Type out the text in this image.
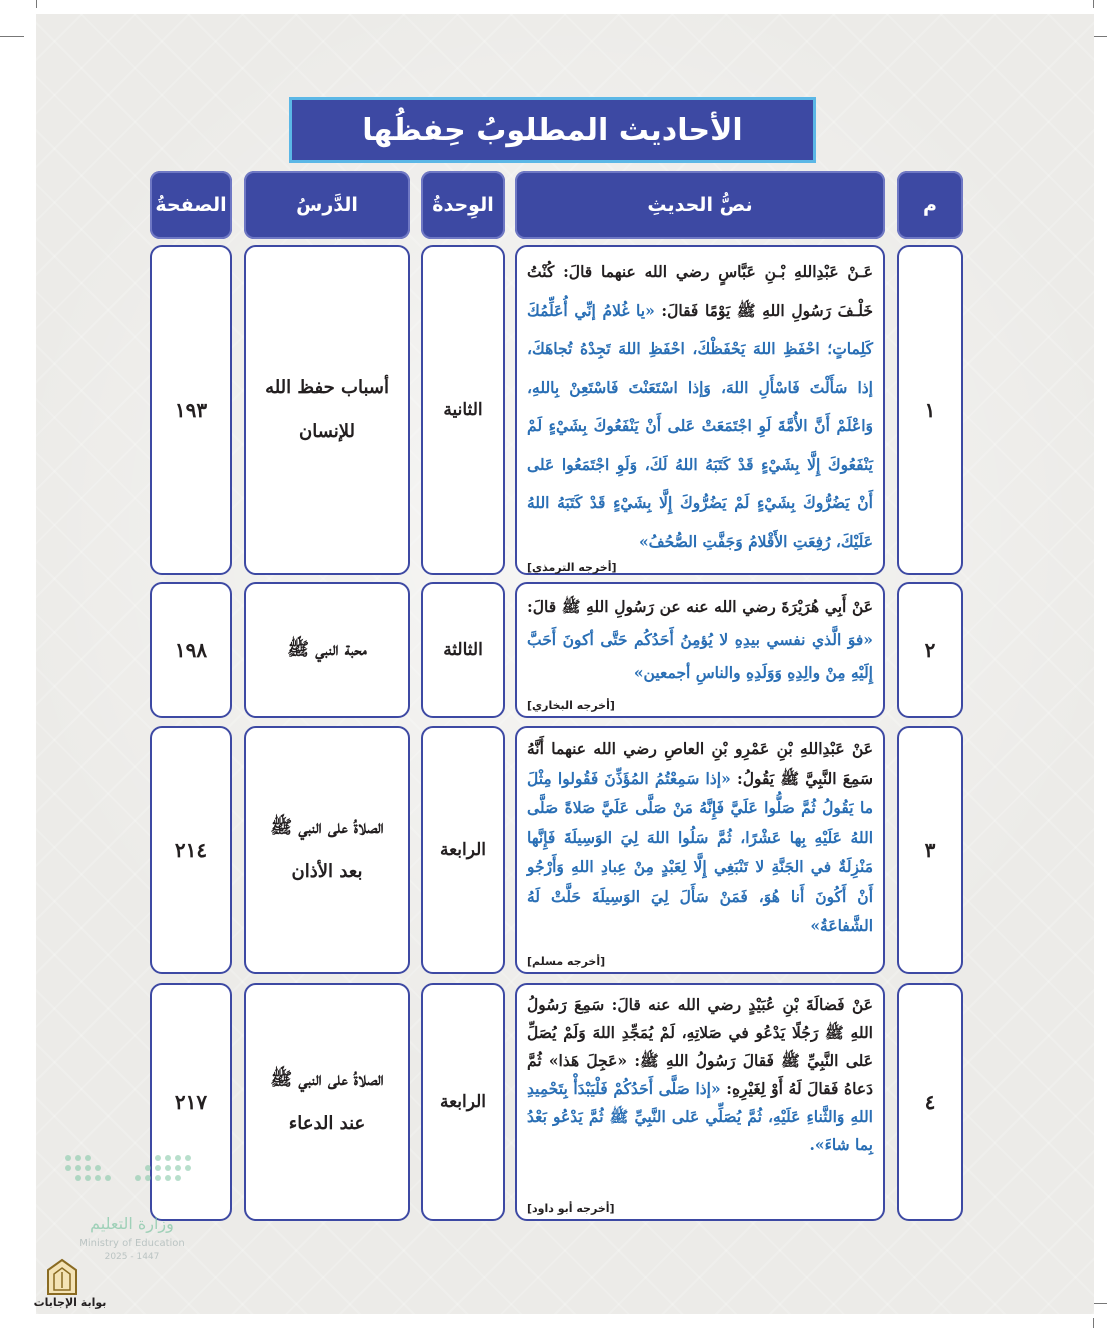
الأحاديث المطلوبُ حِفظُها
م
نصُّ الحديثِ
الوِحدةُ
الدَّرسُ
الصفحةُ
١
عَـنْ عَبْدِاللهِ بْـنِ عَبَّاسٍ رضي الله عنهما قالَ: كُنْتُ خَلْـفَ رَسُولِ اللهِ ﷺ يَوْمًا فَقالَ: «يا غُلامُ إنِّي أُعَلِّمُكَ كَلِماتٍ؛ احْفَظِ اللهَ يَحْفَظْكَ، احْفَظِ اللهَ تَجِدْهُ تُجاهَكَ، إذا سَأَلْتَ فَاسْأَلِ اللهَ، وَإذا اسْتَعَنْتَ فَاسْتَعِنْ بِاللهِ، وَاعْلَمْ أَنَّ الأُمَّةَ لَوِ اجْتَمَعَتْ عَلى أَنْ يَنْفَعُوكَ بِشَيْءٍ لَمْ يَنْفَعُوكَ إِلَّا بِشَيْءٍ قَدْ كَتَبَهُ اللهُ لَكَ، وَلَوِ اجْتَمَعُوا عَلى أَنْ يَضُرُّوكَ بِشَيْءٍ لَمْ يَضُرُّوكَ إِلَّا بِشَيْءٍ قَدْ كَتَبَهُ اللهُ عَلَيْكَ، رُفِعَتِ الأَقْلامُ وَجَفَّتِ الصُّحُفُ»
[أخرجه الترمذي]
الثانية
أسباب حفظ الله
للإنسان
١٩٣
٢
عَنْ أَبِي هُرَيْرَةَ رضي الله عنه عن رَسُولِ اللهِ ﷺ قالَ: «فوَ الَّذي نفسي بيدِهِ لا يُؤمِنُ أَحَدُكُم حَتَّى أكونَ أَحَبَّ إِلَيْهِ مِنْ والِدِهِ وَوَلَدِهِ والناسِ أجمعين»
[أخرجه البخاري]
الثالثة
محبة النبي ﷺ
١٩٨
٣
عَنْ عَبْدِاللهِ بْنِ عَمْرِو بْنِ العاصِ رضي الله عنهما أَنَّهُ سَمِعَ النَّبِيَّ ﷺ يَقُولُ: «إذا سَمِعْتُمُ المُؤَذِّنَ فَقُولوا مِثْلَ ما يَقُولُ ثُمَّ صَلُّوا عَلَيَّ فَإِنَّهُ مَنْ صَلَّى عَلَيَّ صَلاةً صَلَّى اللهُ عَلَيْهِ بِها عَشْرًا، ثُمَّ سَلُوا اللهَ لِيَ الوَسِيلَةَ فَإِنَّها مَنْزِلَةٌ في الجَنَّةِ لا تَنْبَغِي إِلَّا لِعَبْدٍ مِنْ عِبادِ اللهِ وَأَرْجُو أَنْ أَكُونَ أَنا هُوَ، فَمَنْ سَأَلَ لِيَ الوَسِيلَةَ حَلَّتْ لَهُ الشَّفاعَةُ»
[أخرجه مسلم]
الرابعة
الصلاةُ على النبي ﷺ
بعد الأذان
٢١٤
٤
عَنْ فَضالَةَ بْنِ عُبَيْدٍ رضي الله عنه قالَ: سَمِعَ رَسُولُ اللهِ ﷺ رَجُلًا يَدْعُو في صَلاتِهِ، لَمْ يُمَجِّدِ اللهَ وَلَمْ يُصَلِّ عَلى النَّبِيِّ ﷺ فَقالَ رَسُولُ اللهِ ﷺ: «عَجِلَ هَذا» ثُمَّ دَعاهُ فَقالَ لَهُ أَوْ لِغَيْرِهِ: «إذا صَلَّى أَحَدُكُمْ فَلْيَبْدَأْ بِتَحْمِيدِ اللهِ وَالثَّناءِ عَلَيْهِ، ثُمَّ يُصَلِّي عَلى النَّبِيِّ ﷺ ثُمَّ يَدْعُو بَعْدُ بِما شاءَ».
[أخرجه أبو داود]
الرابعة
الصلاةُ على النبي ﷺ
عند الدعاء
٢١٧
وزارة التعليم
Ministry of Education
2025 - 1447
بوابة الإجابات
